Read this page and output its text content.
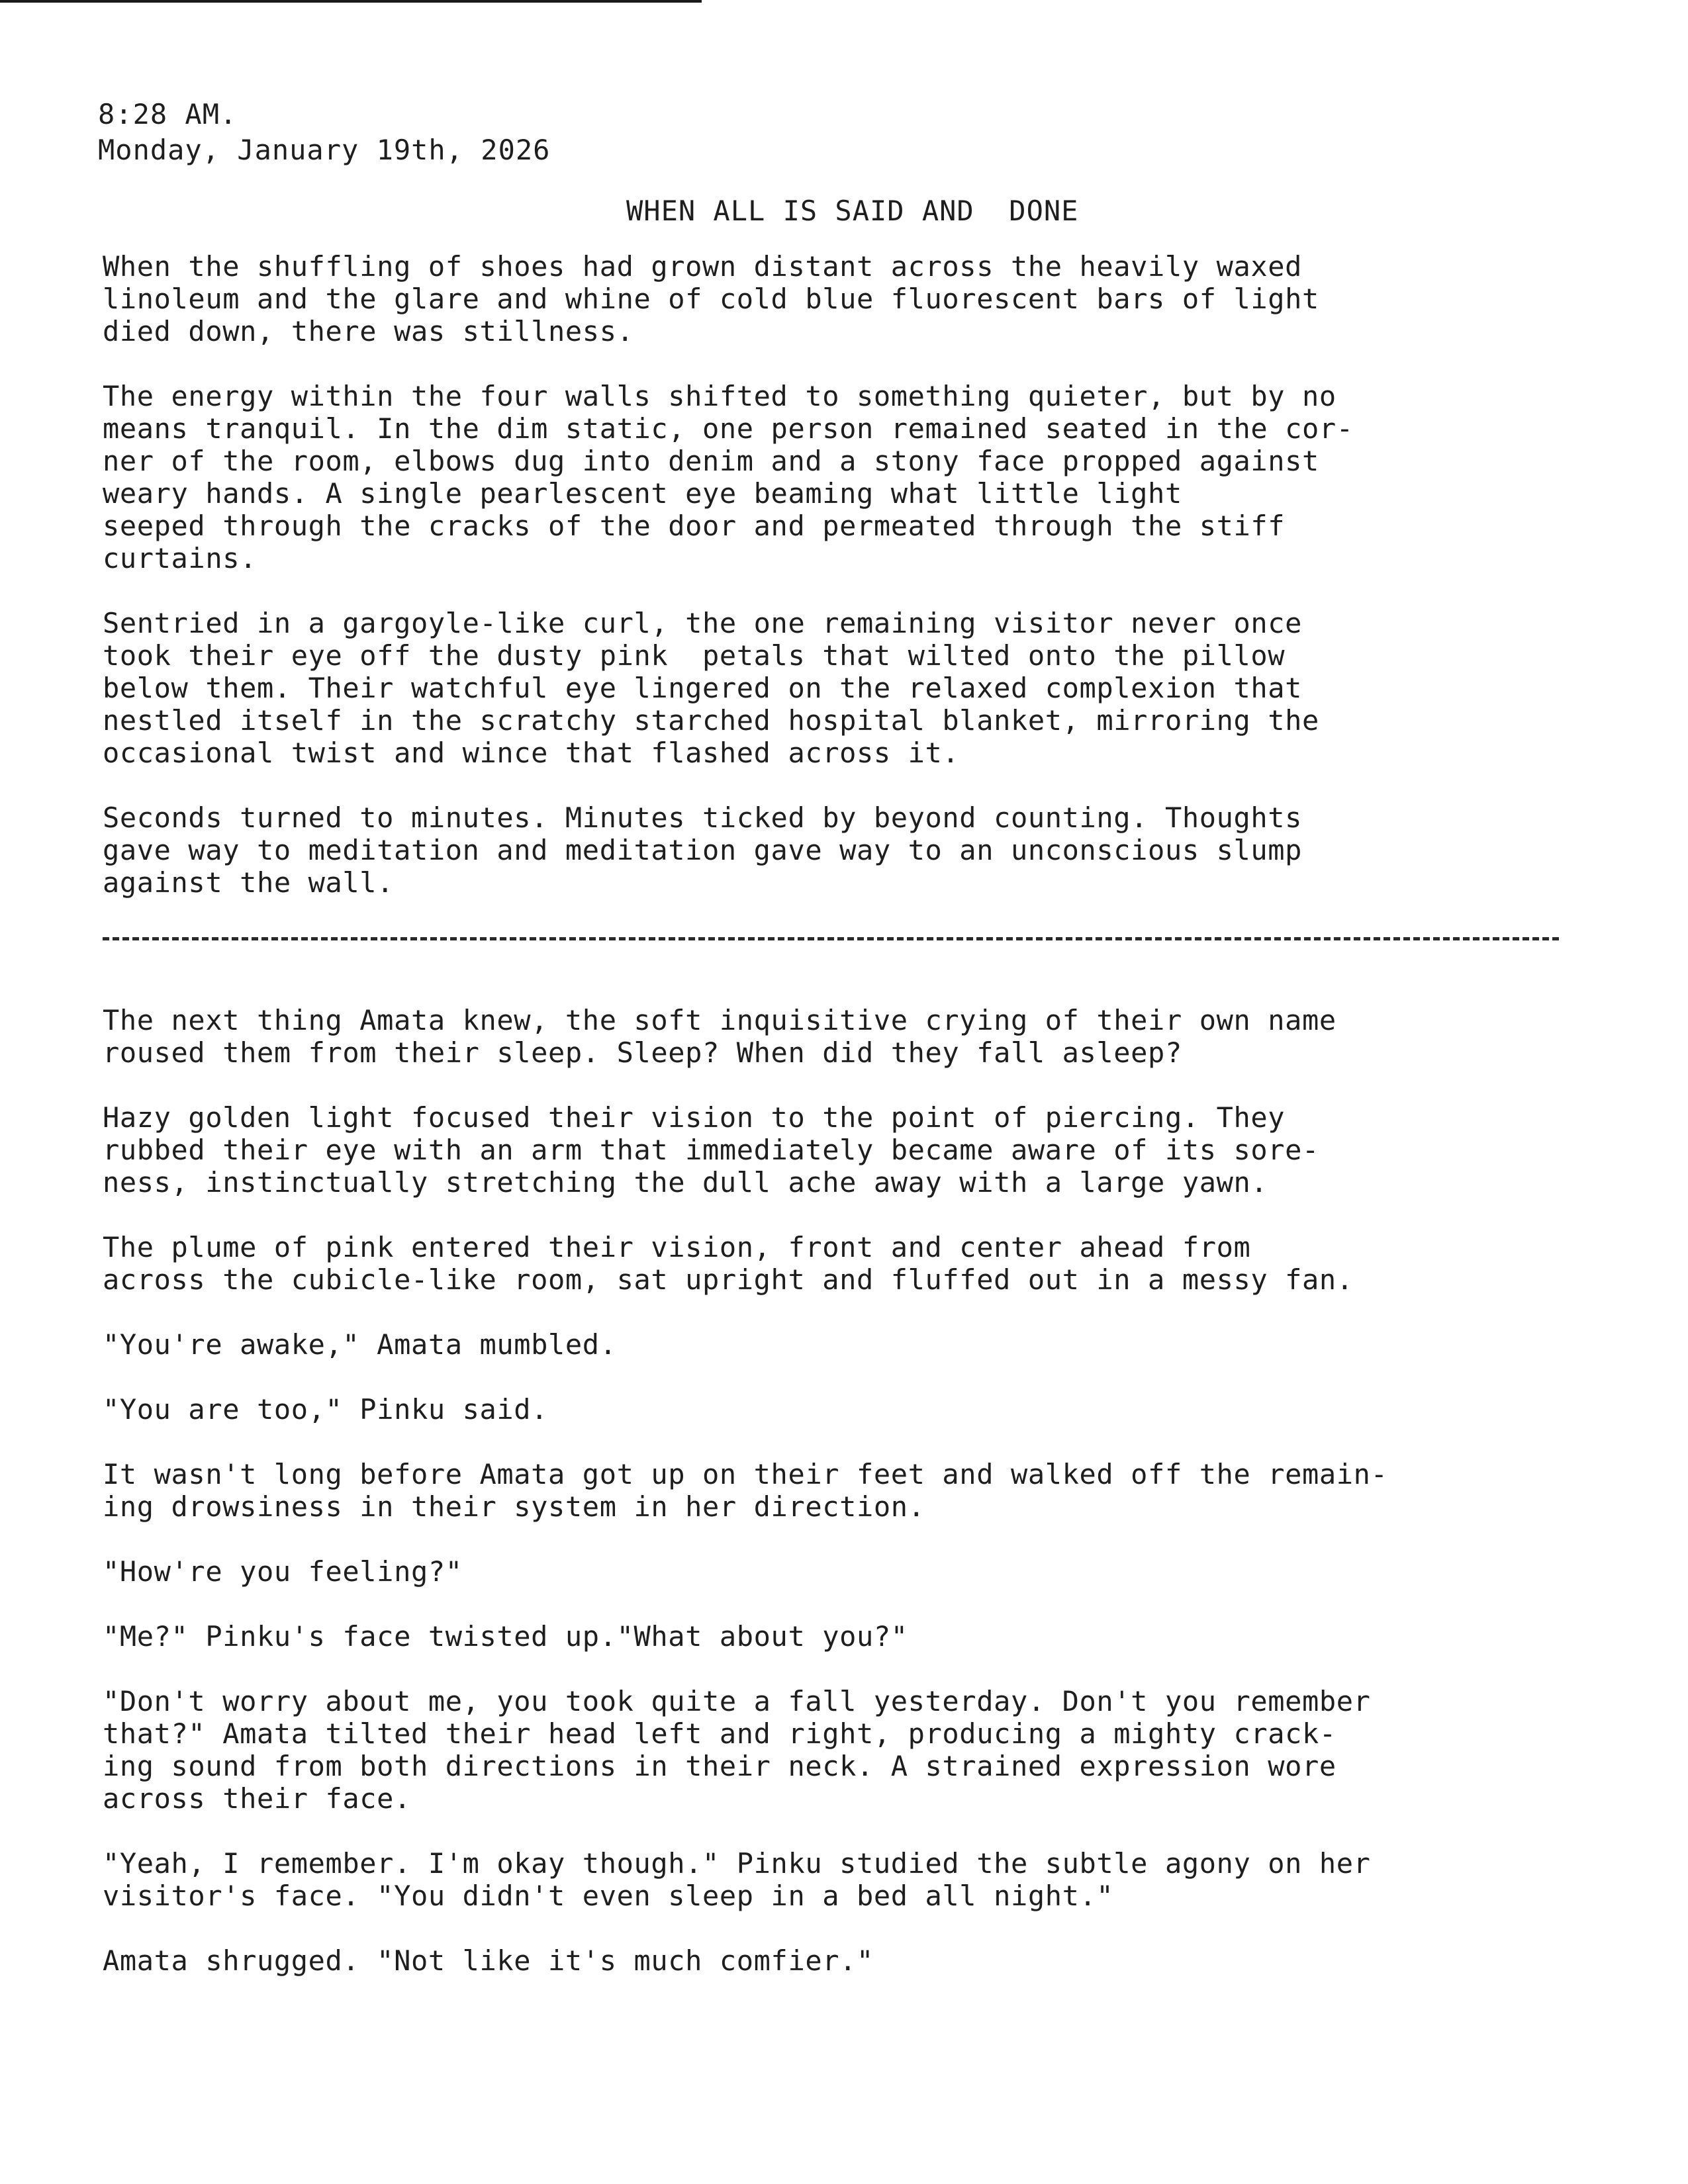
8:28 AM.
Monday, January 19th, 2026
WHEN ALL IS SAID AND  DONE
When the shuffling of shoes had grown distant across the heavily waxed
linoleum and the glare and whine of cold blue fluorescent bars of light
died down, there was stillness.
The energy within the four walls shifted to something quieter, but by no
means tranquil. In the dim static, one person remained seated in the cor-
ner of the room, elbows dug into denim and a stony face propped against
weary hands. A single pearlescent eye beaming what little light
seeped through the cracks of the door and permeated through the stiff
curtains.
Sentried in a gargoyle-like curl, the one remaining visitor never once
took their eye off the dusty pink  petals that wilted onto the pillow
below them. Their watchful eye lingered on the relaxed complexion that
nestled itself in the scratchy starched hospital blanket, mirroring the
occasional twist and wince that flashed across it.
Seconds turned to minutes. Minutes ticked by beyond counting. Thoughts
gave way to meditation and meditation gave way to an unconscious slump
against the wall.
The next thing Amata knew, the soft inquisitive crying of their own name
roused them from their sleep. Sleep? When did they fall asleep?
Hazy golden light focused their vision to the point of piercing. They
rubbed their eye with an arm that immediately became aware of its sore-
ness, instinctually stretching the dull ache away with a large yawn.
The plume of pink entered their vision, front and center ahead from
across the cubicle-like room, sat upright and fluffed out in a messy fan.
"You're awake," Amata mumbled.
"You are too," Pinku said.
It wasn't long before Amata got up on their feet and walked off the remain-
ing drowsiness in their system in her direction.
"How're you feeling?"
"Me?" Pinku's face twisted up."What about you?"
"Don't worry about me, you took quite a fall yesterday. Don't you remember
that?" Amata tilted their head left and right, producing a mighty crack-
ing sound from both directions in their neck. A strained expression wore
across their face.
"Yeah, I remember. I'm okay though." Pinku studied the subtle agony on her
visitor's face. "You didn't even sleep in a bed all night."
Amata shrugged. "Not like it's much comfier."
